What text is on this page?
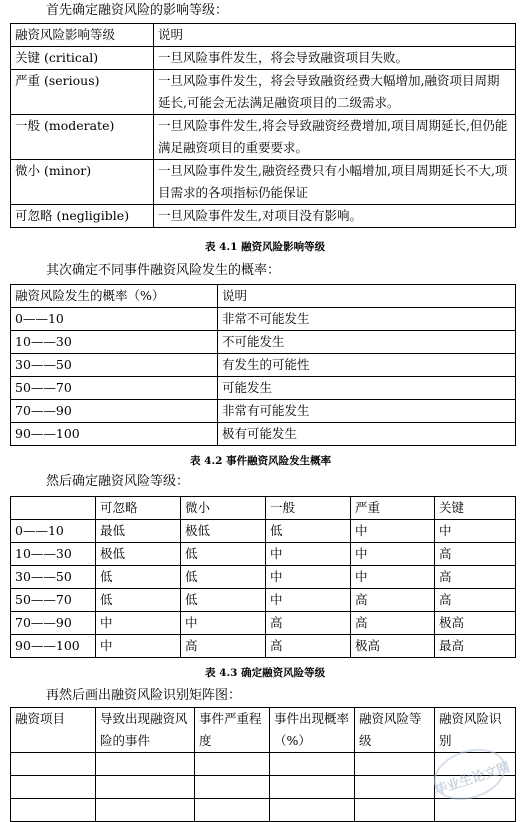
首先确定融资风险的影响等级：
融资风险影响等级	说明
关键 (critical)	一旦风险事件发生，将会导致融资项目失败。
严重 (serious)	一旦风险事件发生，将会导致融资经费大幅增加,融资项目周期延长,可能会无法满足融资项目的二级需求。
一般 (moderate)	一旦风险事件发生,将会导致融资经费增加,项目周期延长,但仍能满足融资项目的重要要求。
微小 (minor)	一旦风险事件发生,融资经费只有小幅增加,项目周期延长不大,项目需求的各项指标仍能保证
可忽略 (negligible)	一旦风险事件发生,对项目没有影响。
表 4.1 融资风险影响等级
其次确定不同事件融资风险发生的概率：
融资风险发生的概率（%）	说明
0——10	非常不可能发生
10——30	不可能发生
30——50	有发生的可能性
50——70	可能发生
70——90	非常有可能发生
90——100	极有可能发生
表 4.2 事件融资风险发生概率
然后确定融资风险等级：
	可忽略	微小	一般	严重	关键
0——10	最低	极低	低	中	中
10——30	极低	低	中	中	高
30——50	低	低	中	中	高
50——70	低	低	中	高	高
70——90	中	中	高	高	极高
90——100	中	高	高	极高	最高
表 4.3 确定融资风险等级
再然后画出融资风险识别矩阵图：
融资项目	导致出现融资风险的事件	事件严重程度	事件出现概率（%）	融资风险等级	融资风险识别

毕业生论文网
